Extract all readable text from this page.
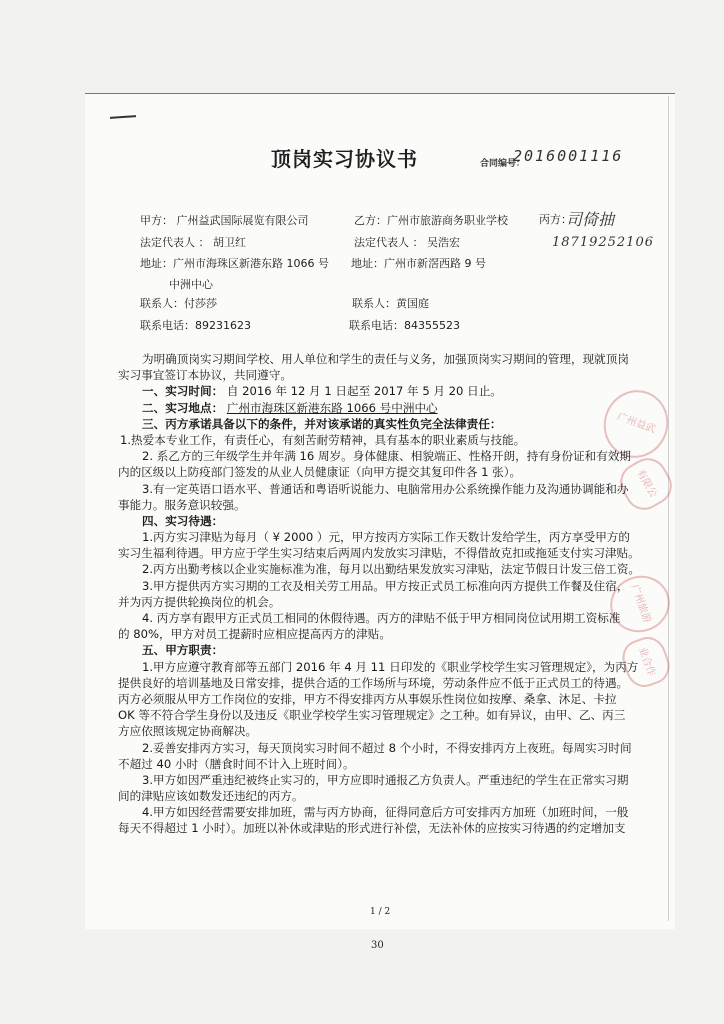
顶岗实习协议书	合同编号：
2016001116
甲方： 广州益武国际展览有限公司
法定代表人 ： 胡卫红
地址：广州市海珠区新港东路 1066 号
中洲中心
联系人：付莎莎
联系电话：89231623
乙方：广州市旅游商务职业学校
法定代表人 ： 吴浩宏
地址：广州市新滘西路 9 号
联系人：黄国庭
联系电话：84355523
丙方：
司倚抽
18719252106
广州益武
有限公
广州旅游
业合作
为明确顶岗实习期间学校、用人单位和学生的责任与义务，加强顶岗实习期间的管理，现就顶岗
实习事宜签订本协议，共同遵守。
一、实习时间： 自 2016 年 12 月 1 日起至 2017 年 5 月 20 日止。
二、实习地点： 广州市海珠区新港东路 1066 号中洲中心
三、丙方承诺具备以下的条件，并对该承诺的真实性负完全法律责任：
1.热爱本专业工作，有责任心，有刻苦耐劳精神，具有基本的职业素质与技能。
2. 系乙方的三年级学生并年满 16 周岁。身体健康、相貌端正、性格开朗，持有身份证和有效期
内的区级以上防疫部门签发的从业人员健康证（向甲方提交其复印件各 1 张）。
3.有一定英语口语水平、普通话和粤语听说能力、电脑常用办公系统操作能力及沟通协调能和办
事能力。服务意识较强。
四、实习待遇：
1.丙方实习津贴为每月（ ¥ 2000 ）元，甲方按丙方实际工作天数计发给学生，丙方享受甲方的
实习生福利待遇。甲方应于学生实习结束后两周内发放实习津贴，不得借故克扣或拖延支付实习津贴。
2.丙方出勤考核以企业实施标准为准，每月以出勤结果发放实习津贴，法定节假日计发三倍工资。
3.甲方提供丙方实习期的工衣及相关劳工用品。甲方按正式员工标准向丙方提供工作餐及住宿，
并为丙方提供轮换岗位的机会。
4. 丙方享有跟甲方正式员工相同的休假待遇。丙方的津贴不低于甲方相同岗位试用期工资标准
的 80%，甲方对员工提薪时应相应提高丙方的津贴。
五、甲方职责：
1.甲方应遵守教育部等五部门 2016 年 4 月 11 日印发的《职业学校学生实习管理规定》，为丙方
提供良好的培训基地及日常安排，提供合适的工作场所与环境，劳动条件应不低于正式员工的待遇。
丙方必须服从甲方工作岗位的安排，甲方不得安排丙方从事娱乐性岗位如按摩、桑拿、沐足、卡拉
OK 等不符合学生身份以及违反《职业学校学生实习管理规定》之工种。如有异议，由甲、乙、丙三
方应依照该规定协商解决。
2.妥善安排丙方实习，每天顶岗实习时间不超过 8 个小时，不得安排丙方上夜班。每周实习时间
不超过 40 小时（膳食时间不计入上班时间）。
3.甲方如因严重违纪被终止实习的，甲方应即时通报乙方负责人。严重违纪的学生在正常实习期
间的津贴应该如数发还违纪的丙方。
4.甲方如因经营需要安排加班，需与丙方协商，征得同意后方可安排丙方加班（加班时间，一般
每天不得超过 1 小时）。加班以补休或津贴的形式进行补偿，无法补休的应按实习待遇的约定增加支
1 / 2
30
